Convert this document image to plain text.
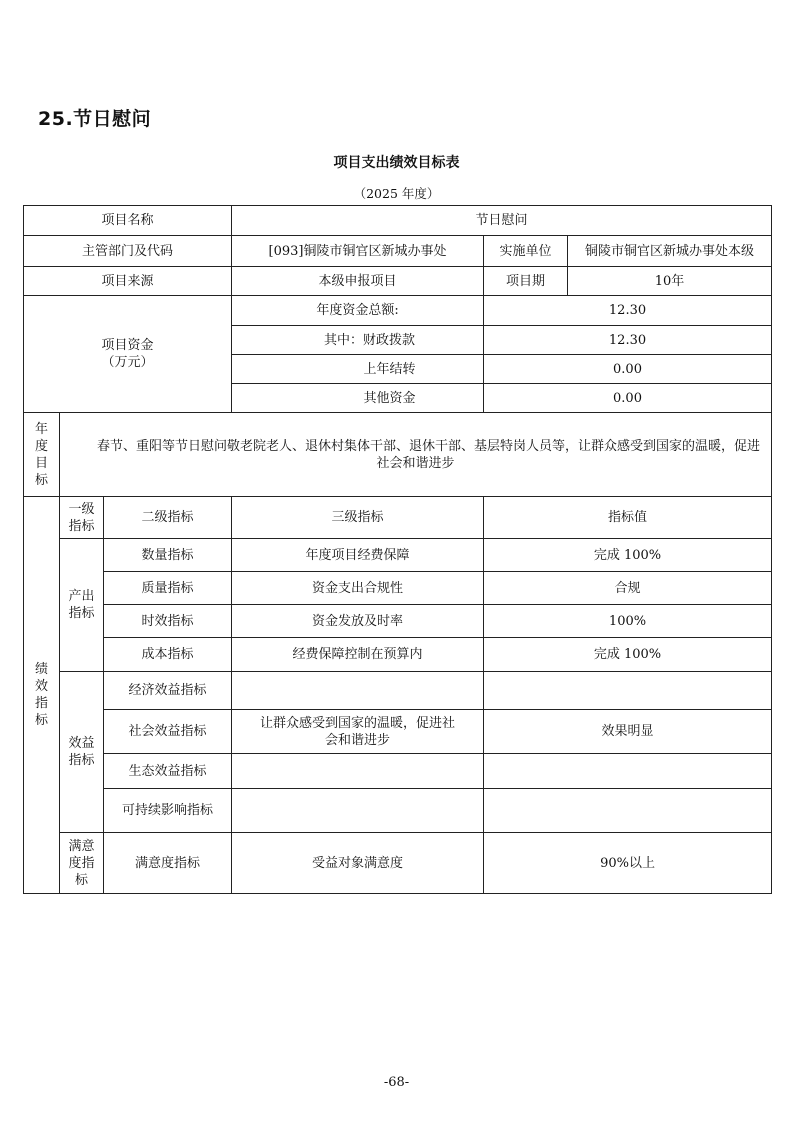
25.节日慰问
项目支出绩效目标表
（2025 年度）
项目名称			节日慰问		
主管部门及代码			[093]铜陵市铜官区新城办事处	实施单位	铜陵市铜官区新城办事处本级
项目来源			本级申报项目	项目期	10年

项目资金
（万元）			年度资金总额:	12.30	
			其中：财政拨款	12.30	
			上年结转	0.00	
			其他资金	0.00	

年
度
目
标	春节、重阳等节日慰问敬老院老人、退休村集体干部、退休干部、基层特岗人员等，让群众感受到国家的温暖，促进社会和谐进步				

绩
效
指
标	一级指标	二级指标	三级指标	指标值	
	产出指标	数量指标	年度项目经费保障	完成 100%	
		质量指标	资金支出合规性	合规	
		时效指标	资金发放及时率	100%	
		成本指标	经费保障控制在预算内	完成 100%	
	效益指标	经济效益指标			
		社会效益指标	让群众感受到国家的温暖，促进社会和谐进步	效果明显	
		生态效益指标			
		可持续影响指标			
	满意度指标	满意度指标	受益对象满意度	90%以上	
-68-
